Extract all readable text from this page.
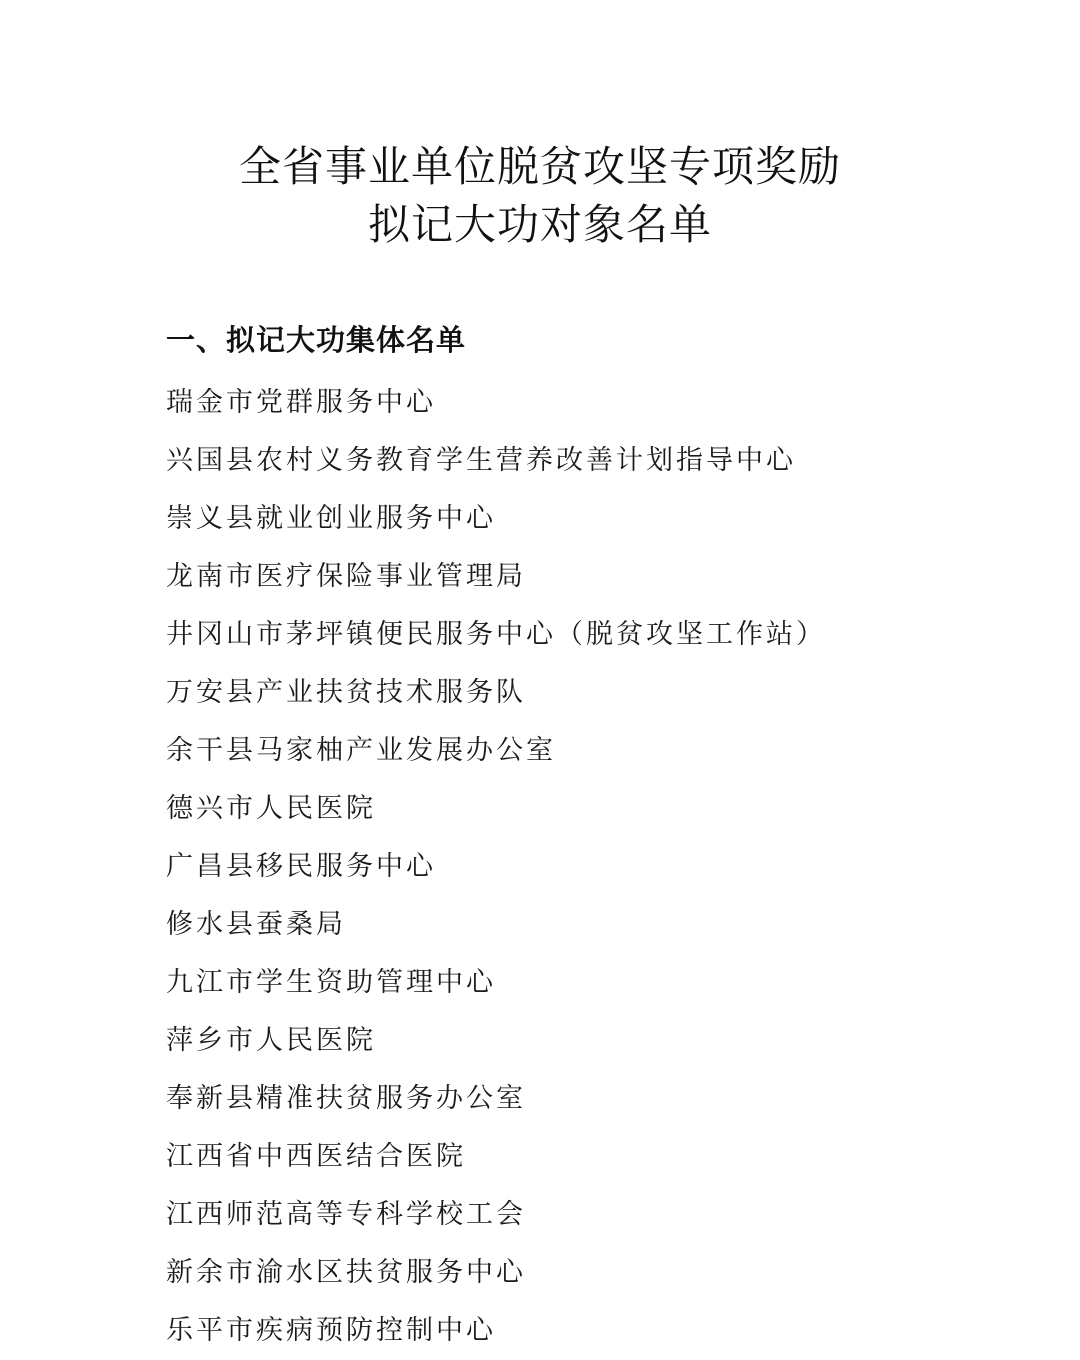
全省事业单位脱贫攻坚专项奖励

拟记大功对象名单

一、拟记大功集体名单
瑞金市党群服务中心
兴国县农村义务教育学生营养改善计划指导中心
崇义县就业创业服务中心
龙南市医疗保险事业管理局
井冈山市茅坪镇便民服务中心（脱贫攻坚工作站）
万安县产业扶贫技术服务队
余干县马家柚产业发展办公室
德兴市人民医院
广昌县移民服务中心
修水县蚕桑局
九江市学生资助管理中心
萍乡市人民医院
奉新县精准扶贫服务办公室
江西省中西医结合医院
江西师范高等专科学校工会
新余市渝水区扶贫服务中心
乐平市疾病预防控制中心
